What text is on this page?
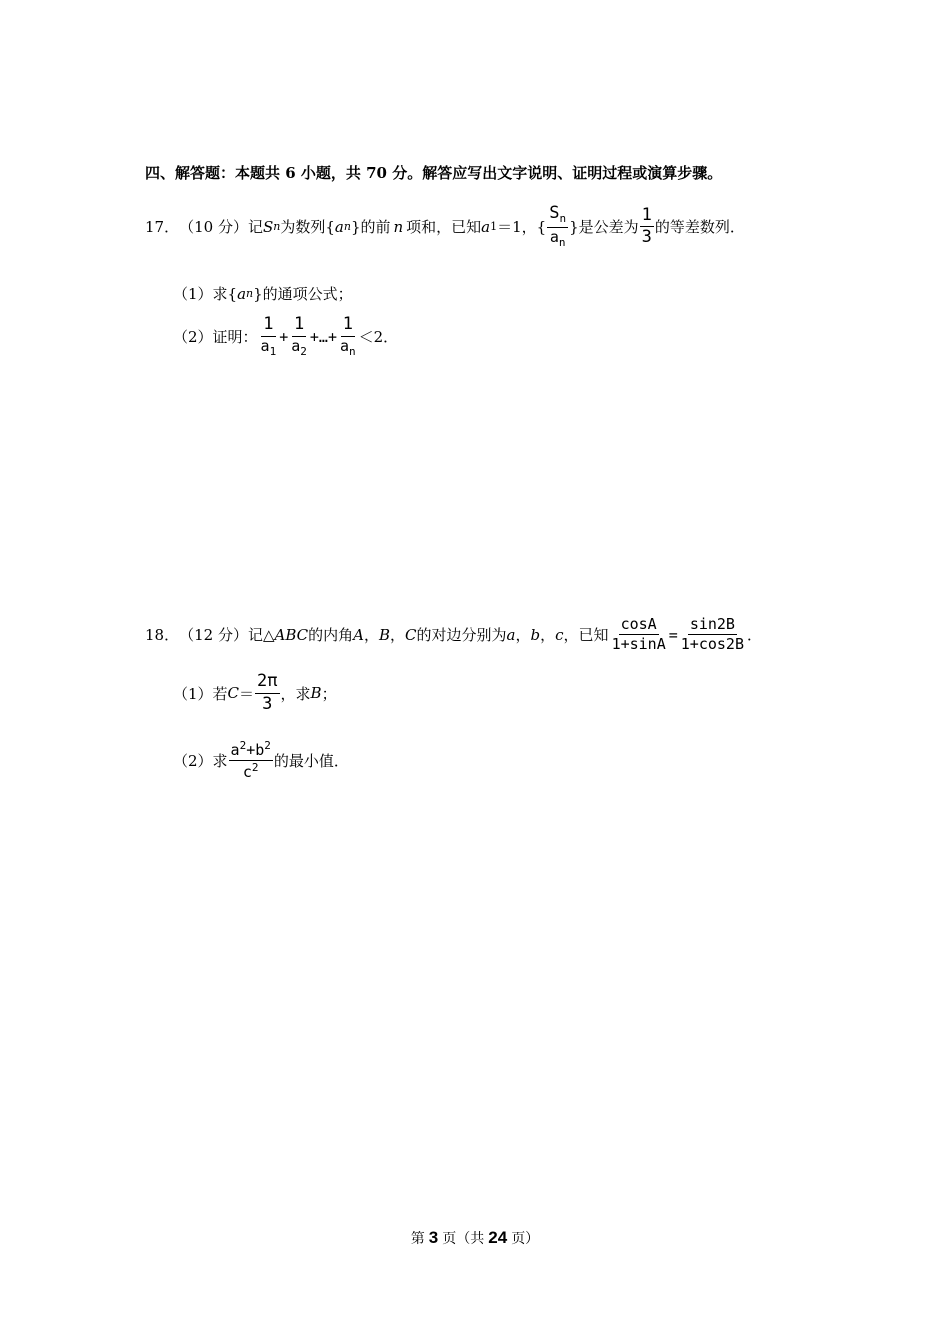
四、解答题：本题共 6 小题，共 70 分。解答应写出文字说明、证明过程或演算步骤。
17． （10 分） 记 S n 为数列{ a n }的前 n 项和，已知 a 1 ＝1，{ $\frac{S_n}{a_n}$ }是公差为 $\frac{1}{3}$ 的等差数列．
（1）求{ a n }的通项公式；
（2）证明： $\frac{1}{a_1} + \frac{1}{a_2}$ +…+ $\frac{1}{a_n} <2$．
18． （12 分） 记△ ABC 的内角 A ， B ， C 的对边分别为 a ， b ， c ，已知 $\frac{\cos A}{1+\sin A} = \frac{\sin 2B}{1+\cos 2B}$ ．
（1）若 $C = \frac{2\pi}{3}$ ，求 B ；
（2）求 $\frac{a^2+b^2}{c^2}$ 的最小值．
第 3 页（共 24 页）
